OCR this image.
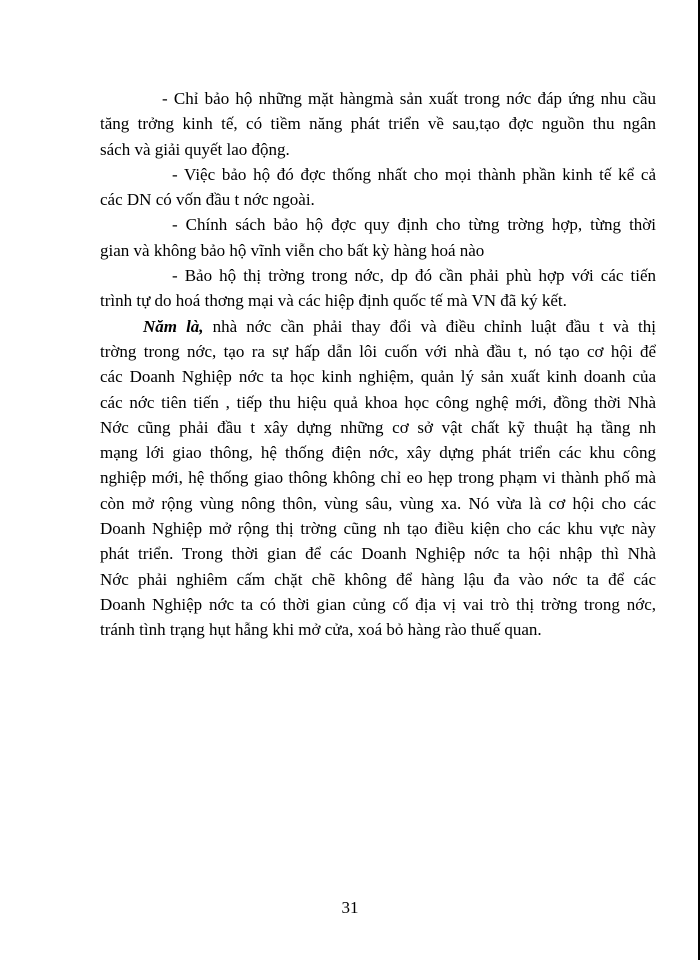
- Chỉ bảo hộ những mặt hàngmà sản xuất trong nớc đáp ứng nhu cầu
tăng trởng kinh tế, có tiềm năng phát triển về sau,tạo đợc nguồn thu ngân
sách và giải quyết lao động.
- Việc bảo hộ đó đợc thống nhất cho mọi thành phần kinh tế kể cả
các DN có vốn đầu t nớc ngoài.
- Chính sách bảo hộ đợc quy định cho từng trờng hợp, từng thời
gian và không bảo hộ vĩnh viễn cho bất kỳ hàng hoá nào
- Bảo hộ thị trờng trong nớc, dp đó cần phải phù hợp với các tiến
trình tự do hoá thơng mại và các hiệp định quốc tế mà VN đã ký kết.
Năm là, nhà nớc cần phải thay đổi và điều chỉnh luật đầu t và thị
trờng trong nớc, tạo ra sự hấp dẫn lôi cuốn với nhà đầu t, nó tạo cơ hội để
các Doanh Nghiệp nớc ta học kinh nghiệm, quản lý sản xuất kinh doanh của
các nớc tiên tiến , tiếp thu hiệu quả khoa học công nghệ mới, đồng thời Nhà
Nớc cũng phải đầu t xây dựng những cơ sở vật chất kỹ thuật hạ tầng nh
mạng lới giao thông, hệ thống điện nớc, xây dựng phát triển các khu công
nghiệp mới, hệ thống giao thông không chỉ eo hẹp trong phạm vi thành phố mà
còn mở rộng vùng nông thôn, vùng sâu, vùng xa. Nó vừa là cơ hội cho các
Doanh Nghiệp mở rộng thị trờng cũng nh tạo điều kiện cho các khu vực này
phát triển. Trong thời gian để các Doanh Nghiệp nớc ta hội nhập thì Nhà
Nớc phải nghiêm cấm chặt chẽ không để hàng lậu đa vào nớc ta để các
Doanh Nghiệp nớc ta có thời gian củng cố địa vị vai trò thị trờng trong nớc,
tránh tình trạng hụt hẫng khi mở cửa, xoá bỏ hàng rào thuế quan.
31
